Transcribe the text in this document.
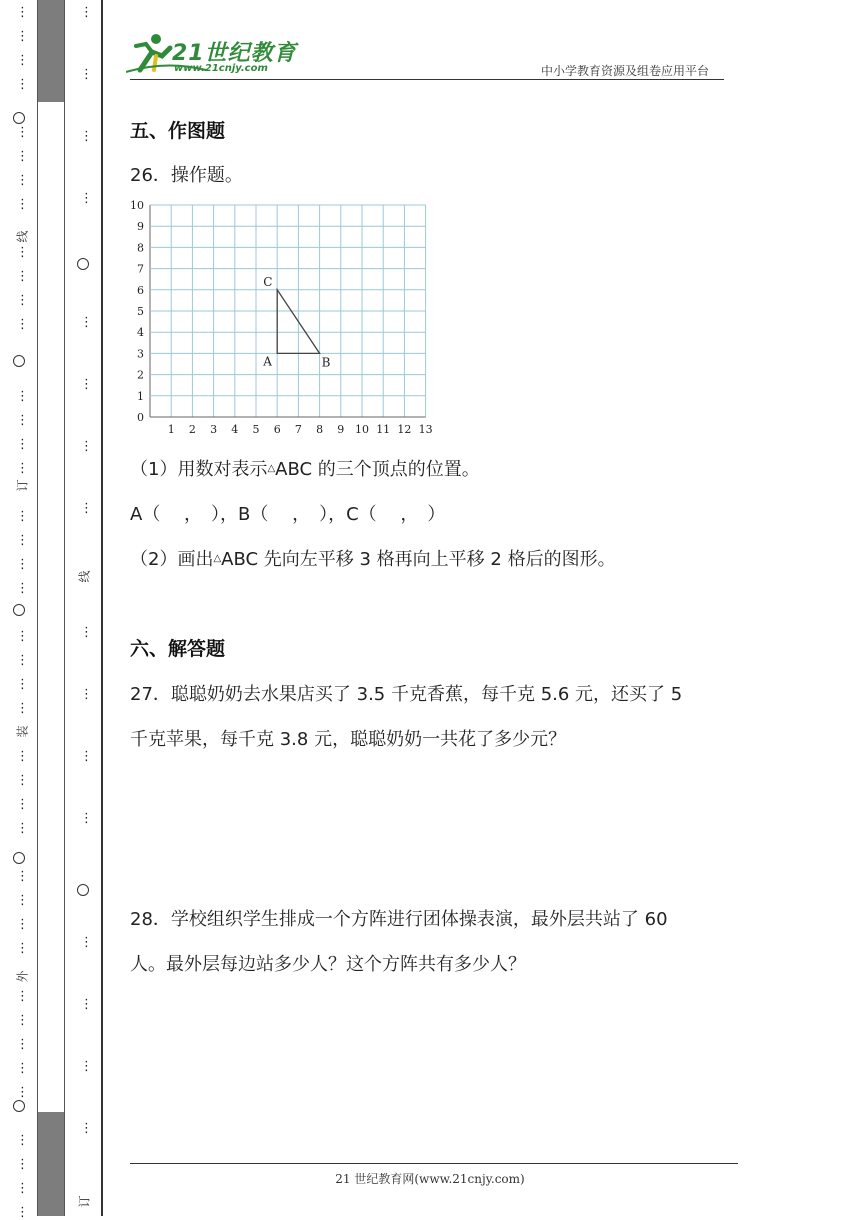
⋮
⋮
⋮
⋮
⋮
⋮
⋮
⋮
⋮
⋮
⋮
⋮
⋮
⋮
⋮
⋮
⋮
⋮
⋮
⋮
⋮
⋮
⋮
⋮
⋮
⋮
⋮
⋮
⋮
⋮
⋮
⋮
⋮
⋮
⋮
⋮
⋮
⋮
⋮
⋮
⋮
⋮
⋮
⋮
⋮
⋮
⋮
⋮
⋮
⋮
⋮
⋮
⋮
⋮
⋮
⋮
⋮
线
订
装
外
线
订
21世纪教育
www.21cnjy.com	中小学教育资源及组卷应用平台
五、作图题
26．操作题。
1 2 3 4 5 6 7 8 9 10 11 12 13
0
1
2
3
4
5
6
7
8
9
10
A	B
C
（1）用数对表示△ABC 的三个顶点的位置。
A（　 ，　），B（　 ，　），C（　 ，　）
（2）画出△ABC 先向左平移 3 格再向上平移 2 格后的图形。
六、解答题
27．聪聪奶奶去水果店买了 3.5 千克香蕉，每千克 5.6 元，还买了 5
千克苹果，每千克 3.8 元，聪聪奶奶一共花了多少元？
28．学校组织学生排成一个方阵进行团体操表演，最外层共站了 60
人。最外层每边站多少人？这个方阵共有多少人？
21 世纪教育网(www.21cnjy.com)
